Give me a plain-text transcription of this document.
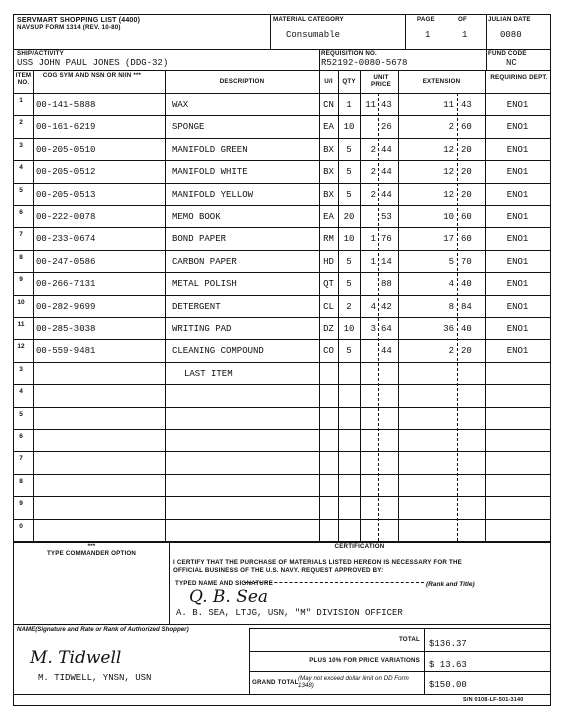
SERVMART SHOPPING LIST (4400)
NAVSUP FORM 1314 (REV. 10-80)
MATERIAL CATEGORY
Consumable
PAGE
1
OF
1
JULIAN DATE
0080
SHIP/ACTIVITY
USS JOHN PAUL JONES (DDG-32)
REQUISITION NO.
R52192-0080-5678
FUND CODE
NC
ITEM NO.
COG SYM AND NSN OR NIIN ***
DESCRIPTION	U/I	QTY
UNIT PRICE	EXTENSION
REQUIRING DEPT.
1	00-141-5888	WAX	CN	1	11 43	11 43	ENO1
2	00-161-6219	SPONGE	EA	10	26	2 60	ENO1
3	00-205-0510	MANIFOLD GREEN	BX	5	2 44	12 20	ENO1
4	00-205-0512	MANIFOLD WHITE	BX	5	2 44	12 20	ENO1
5	00-205-0513	MANIFOLD YELLOW	BX	5	2 44	12 20	ENO1
6	00-222-0078	MEMO BOOK	EA	20	53	10 60	ENO1
7	00-233-0674	BOND PAPER	RM	10	1 76	17 60	ENO1
8	00-247-0586	CARBON PAPER	HD	5	1 14	5 70	ENO1
9	00-266-7131	METAL POLISH	QT	5	88	4 40	ENO1
10	00-282-9699	DETERGENT	CL	2	4 42	8 84	ENO1
11	00-285-3038	WRITING PAD	DZ	10	3 64	36 40	ENO1
12	00-559-9481	CLEANING COMPOUND	CO	5	44	2 20	ENO1
3	LAST ITEM
4
5
6
7
8
9
0
***
TYPE COMMANDER OPTION
CERTIFICATION
I CERTIFY THAT THE PURCHASE OF MATERIALS LISTED HEREON IS NECESSARY FOR THE
OFFICIAL BUSINESS OF THE U.S. NAVY. REQUEST APPROVED BY:
TYPED NAME AND SIGNATURE	(Rank and Title)
Q. B. Sea
A. B. SEA, LTJG, USN, "M" DIVISION OFFICER
NAME(Signature and Rate or Rank of Authorized Shopper)
M. Tidwell
M. TIDWELL, YNSN, USN
TOTAL $136.37
PLUS 10% FOR PRICE VARIATIONS $ 13.63
GRAND TOTAL
(May not exceed dollar limit on DD Form 1348)	$150.00
S/N 0108-LF-501-3140
